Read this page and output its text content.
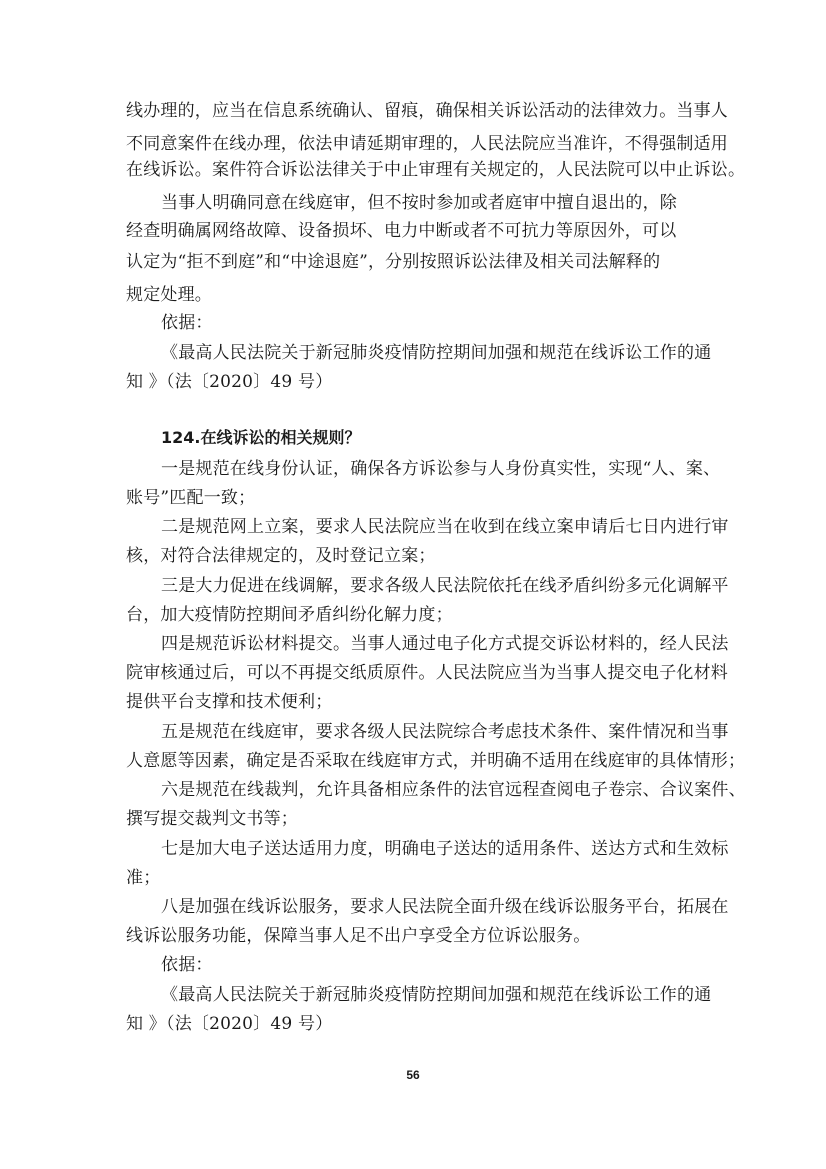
线办理的，应当在信息系统确认、留痕，确保相关诉讼活动的法律效力。当事人
不同意案件在线办理，依法申请延期审理的，人民法院应当准许，不得强制适用
在线诉讼。案件符合诉讼法律关于中止审理有关规定的，人民法院可以中止诉讼。
当事人明确同意在线庭审，但不按时参加或者庭审中擅自退出的，除
经查明确属网络故障、设备损坏、电力中断或者不可抗力等原因外，可以
认定为“拒不到庭”和“中途退庭”，分别按照诉讼法律及相关司法解释的
规定处理。
依据：
《最高人民法院关于新冠肺炎疫情防控期间加强和规范在线诉讼工作的通
知 》（法〔2020〕49 号）
124.在线诉讼的相关规则？
一是规范在线身份认证，确保各方诉讼参与人身份真实性，实现“人、案、
账号”匹配一致；
二是规范网上立案，要求人民法院应当在收到在线立案申请后七日内进行审
核，对符合法律规定的，及时登记立案；
三是大力促进在线调解，要求各级人民法院依托在线矛盾纠纷多元化调解平
台，加大疫情防控期间矛盾纠纷化解力度；
四是规范诉讼材料提交。当事人通过电子化方式提交诉讼材料的，经人民法
院审核通过后，可以不再提交纸质原件。人民法院应当为当事人提交电子化材料
提供平台支撑和技术便利；
五是规范在线庭审，要求各级人民法院综合考虑技术条件、案件情况和当事
人意愿等因素，确定是否采取在线庭审方式，并明确不适用在线庭审的具体情形；
六是规范在线裁判，允许具备相应条件的法官远程查阅电子卷宗、合议案件、
撰写提交裁判文书等；
七是加大电子送达适用力度，明确电子送达的适用条件、送达方式和生效标
准；
八是加强在线诉讼服务，要求人民法院全面升级在线诉讼服务平台，拓展在
线诉讼服务功能，保障当事人足不出户享受全方位诉讼服务。
依据：
《最高人民法院关于新冠肺炎疫情防控期间加强和规范在线诉讼工作的通
知 》（法〔2020〕49 号）
56
